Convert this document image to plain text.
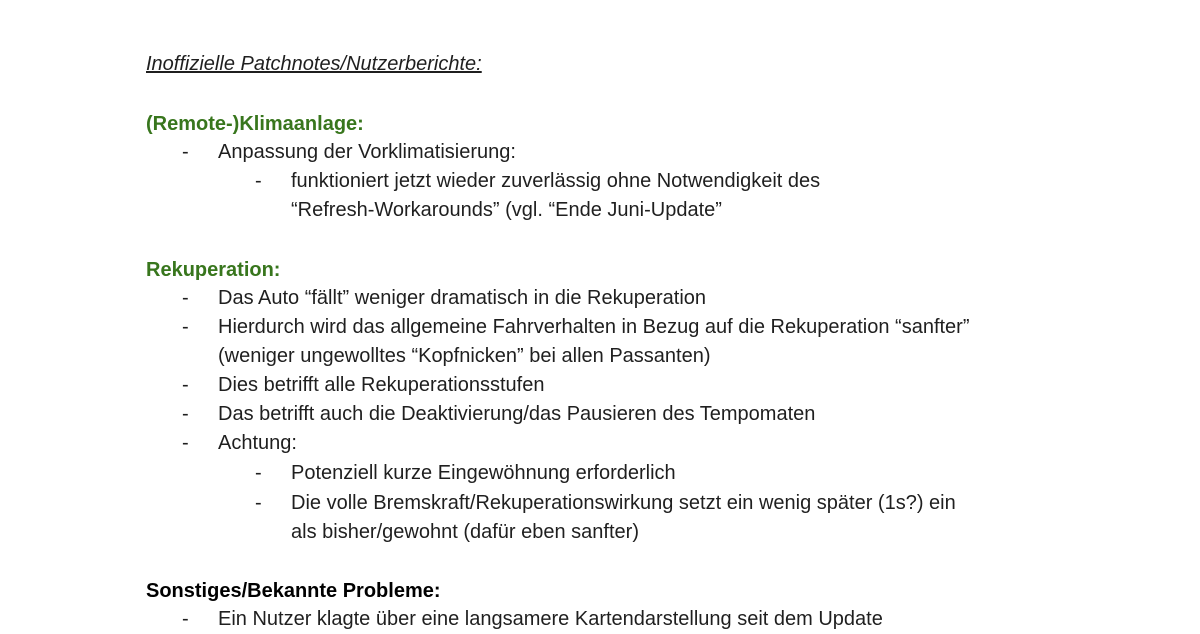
Inoffizielle Patchnotes/Nutzerberichte:
(Remote-)Klimaanlage:
- Anpassung der Vorklimatisierung:
- funktioniert jetzt wieder zuverlässig ohne Notwendigkeit des
“Refresh-Workarounds” (vgl. “Ende Juni-Update”
Rekuperation:
- Das Auto “fällt” weniger dramatisch in die Rekuperation
- Hierdurch wird das allgemeine Fahrverhalten in Bezug auf die Rekuperation “sanfter”
(weniger ungewolltes “Kopfnicken” bei allen Passanten)
- Dies betrifft alle Rekuperationsstufen
- Das betrifft auch die Deaktivierung/das Pausieren des Tempomaten
- Achtung:
- Potenziell kurze Eingewöhnung erforderlich
- Die volle Bremskraft/Rekuperationswirkung setzt ein wenig später (1s?) ein
als bisher/gewohnt (dafür eben sanfter)
Sonstiges/Bekannte Probleme:
- Ein Nutzer klagte über eine langsamere Kartendarstellung seit dem Update
